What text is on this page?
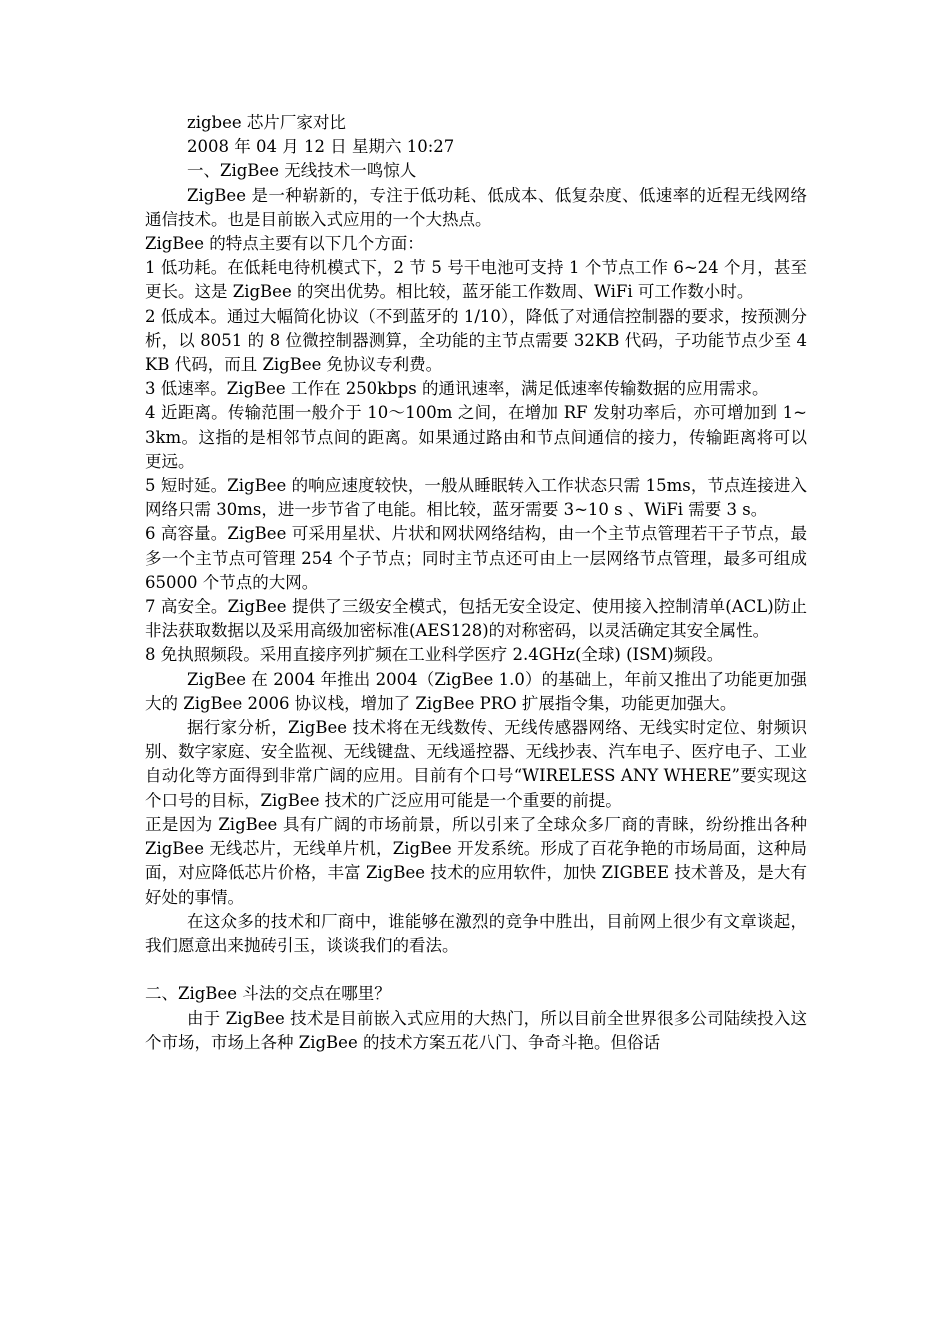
zigbee 芯片厂家对比

2008 年 04 月 12 日 星期六 10:27

一、ZigBee 无线技术一鸣惊人

ZigBee 是一种崭新的，专注于低功耗、低成本、低复杂度、低速率的近程无线网络通信技术。也是目前嵌入式应用的一个大热点。

ZigBee 的特点主要有以下几个方面：

1 低功耗。在低耗电待机模式下，2 节 5 号干电池可支持 1 个节点工作 6~24 个月，甚至更长。这是 ZigBee 的突出优势。相比较，蓝牙能工作数周、WiFi 可工作数小时。

2 低成本。通过大幅简化协议（不到蓝牙的 1/10），降低了对通信控制器的要求，按预测分析，以 8051 的 8 位微控制器测算，全功能的主节点需要 32KB 代码，子功能节点少至 4KB 代码，而且 ZigBee 免协议专利费。

3 低速率。ZigBee 工作在 250kbps 的通讯速率，满足低速率传输数据的应用需求。

4 近距离。传输范围一般介于 10～100m 之间，在增加 RF 发射功率后，亦可增加到 1~3km。这指的是相邻节点间的距离。如果通过路由和节点间通信的接力，传输距离将可以更远。

5 短时延。ZigBee 的响应速度较快，一般从睡眠转入工作状态只需 15ms，节点连接进入网络只需 30ms，进一步节省了电能。相比较，蓝牙需要 3~10 s 、WiFi 需要 3 s。

6 高容量。ZigBee 可采用星状、片状和网状网络结构，由一个主节点管理若干子节点，最多一个主节点可管理 254 个子节点；同时主节点还可由上一层网络节点管理，最多可组成 65000 个节点的大网。

7 高安全。ZigBee 提供了三级安全模式，包括无安全设定、使用接入控制清单(ACL)防止非法获取数据以及采用高级加密标准(AES128)的对称密码，以灵活确定其安全属性。

8 免执照频段。采用直接序列扩频在工业科学医疗 2.4GHz(全球) (ISM)频段。

ZigBee 在 2004 年推出 2004（ZigBee 1.0）的基础上，年前又推出了功能更加强大的 ZigBee 2006 协议栈，增加了 ZigBee PRO 扩展指令集，功能更加强大。

据行家分析，ZigBee 技术将在无线数传、无线传感器网络、无线实时定位、射频识别、数字家庭、安全监视、无线键盘、无线遥控器、无线抄表、汽车电子、医疗电子、工业自动化等方面得到非常广阔的应用。目前有个口号“WIRELESS ANY WHERE”要实现这个口号的目标，ZigBee 技术的广泛应用可能是一个重要的前提。

正是因为 ZigBee 具有广阔的市场前景，所以引来了全球众多厂商的青睐，纷纷推出各种 ZigBee 无线芯片，无线单片机，ZigBee 开发系统。形成了百花争艳的市场局面，这种局面，对应降低芯片价格，丰富 ZigBee 技术的应用软件，加快 ZIGBEE 技术普及，是大有好处的事情。

在这众多的技术和厂商中，谁能够在激烈的竞争中胜出，目前网上很少有文章谈起，我们愿意出来抛砖引玉，谈谈我们的看法。

二、ZigBee 斗法的交点在哪里？

由于 ZigBee 技术是目前嵌入式应用的大热门，所以目前全世界很多公司陆续投入这个市场，市场上各种 ZigBee 的技术方案五花八门、争奇斗艳。但俗话
